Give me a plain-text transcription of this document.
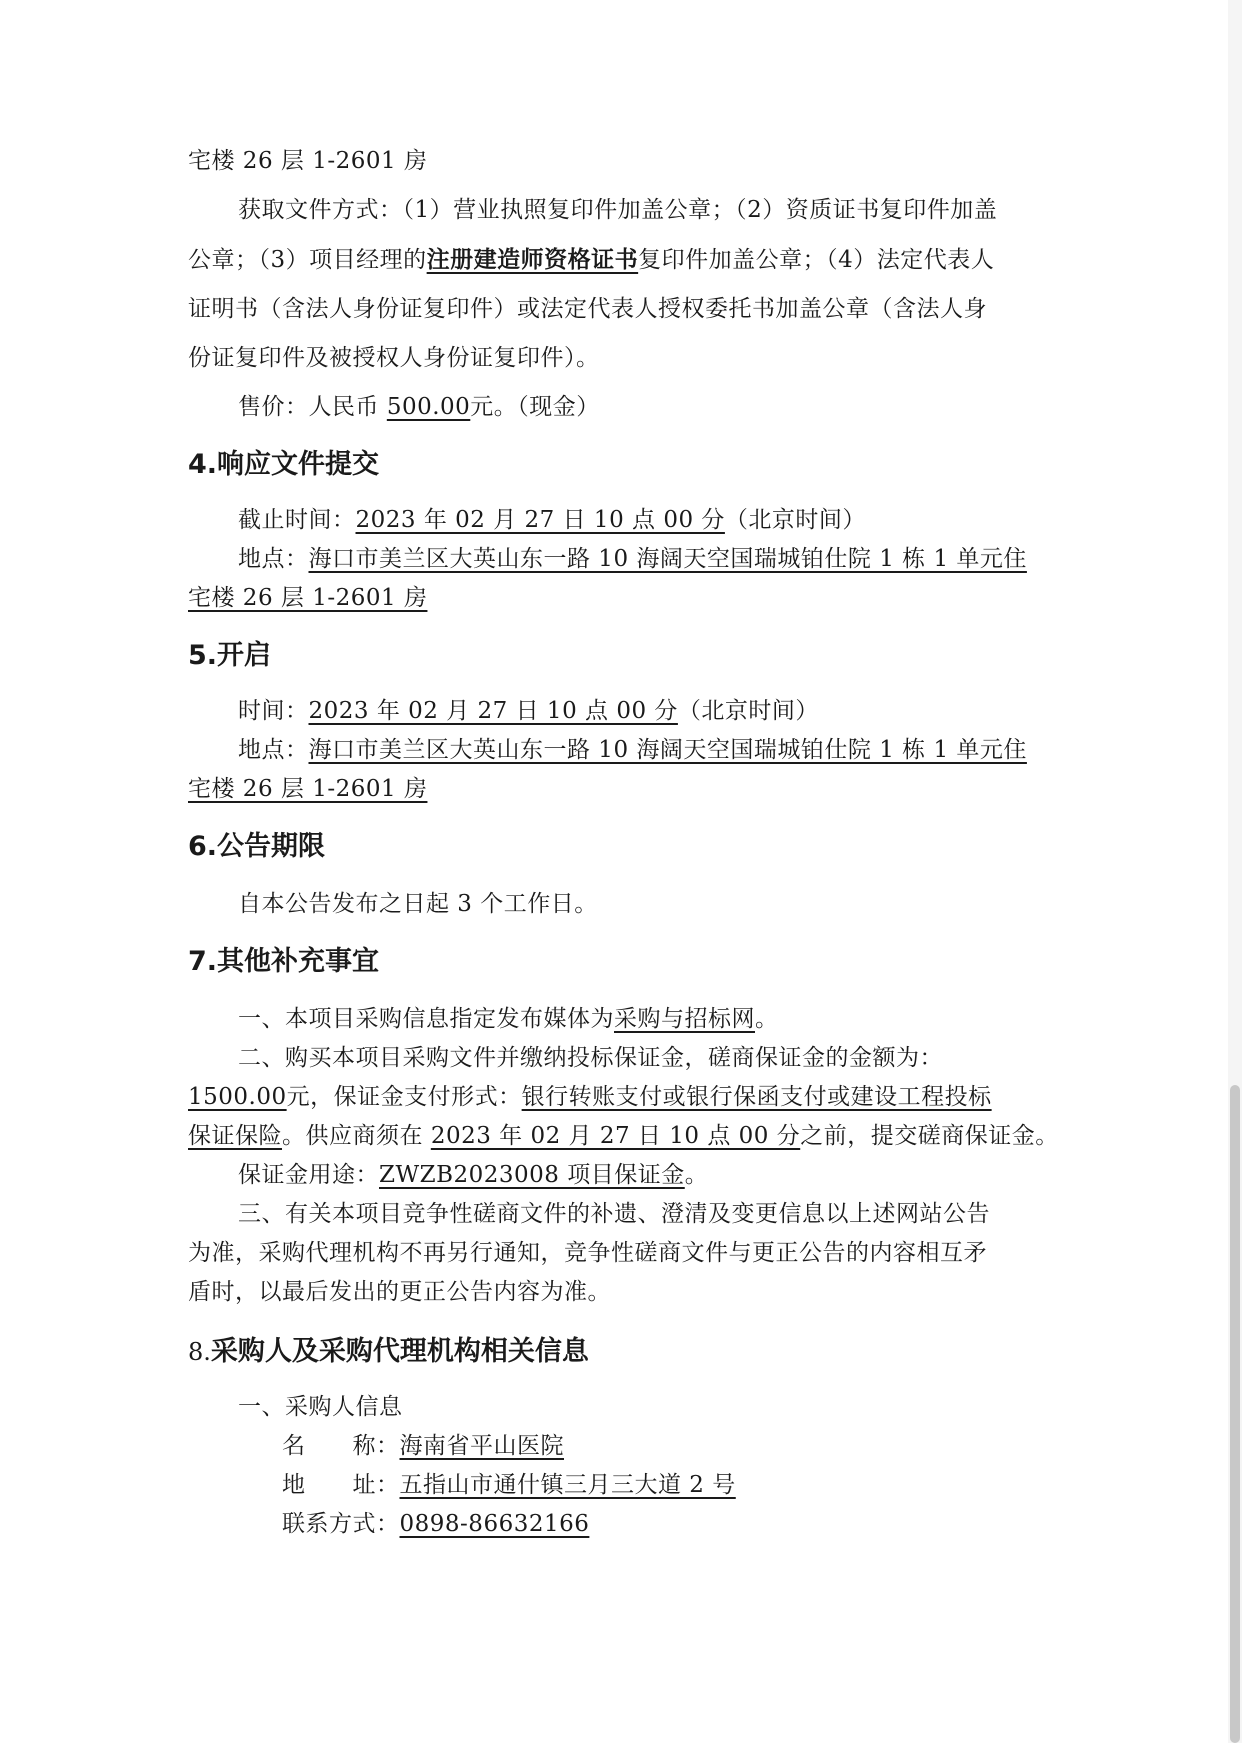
宅楼 26 层 1-2601 房

获取文件方式：（1）营业执照复印件加盖公章；（2）资质证书复印件加盖

公章；（3）项目经理的注册建造师资格证书复印件加盖公章；（4）法定代表人

证明书（含法人身份证复印件）或法定代表人授权委托书加盖公章（含法人身

份证复印件及被授权人身份证复印件）。

售价：人民币 500.00元。（现金）

4.响应文件提交

截止时间：2023 年 02 月 27 日 10 点 00 分（北京时间）

地点：海口市美兰区大英山东一路 10 海阔天空国瑞城铂仕院 1 栋 1 单元住

宅楼 26 层 1-2601 房

5.开启

时间：2023 年 02 月 27 日 10 点 00 分（北京时间）

地点：海口市美兰区大英山东一路 10 海阔天空国瑞城铂仕院 1 栋 1 单元住

宅楼 26 层 1-2601 房

6.公告期限

自本公告发布之日起 3 个工作日。

7.其他补充事宜

一、本项目采购信息指定发布媒体为采购与招标网。

二、购买本项目采购文件并缴纳投标保证金，磋商保证金的金额为：

1500.00元，保证金支付形式：银行转账支付或银行保函支付或建设工程投标

保证保险。供应商须在 2023 年 02 月 27 日 10 点 00 分之前，提交磋商保证金。

保证金用途：ZWZB2023008 项目保证金。

三、有关本项目竞争性磋商文件的补遗、澄清及变更信息以上述网站公告

为准，采购代理机构不再另行通知，竞争性磋商文件与更正公告的内容相互矛

盾时，以最后发出的更正公告内容为准。

8.采购人及采购代理机构相关信息

一、采购人信息

名　　称：海南省平山医院

地　　址：五指山市通什镇三月三大道 2 号

联系方式：0898-86632166
